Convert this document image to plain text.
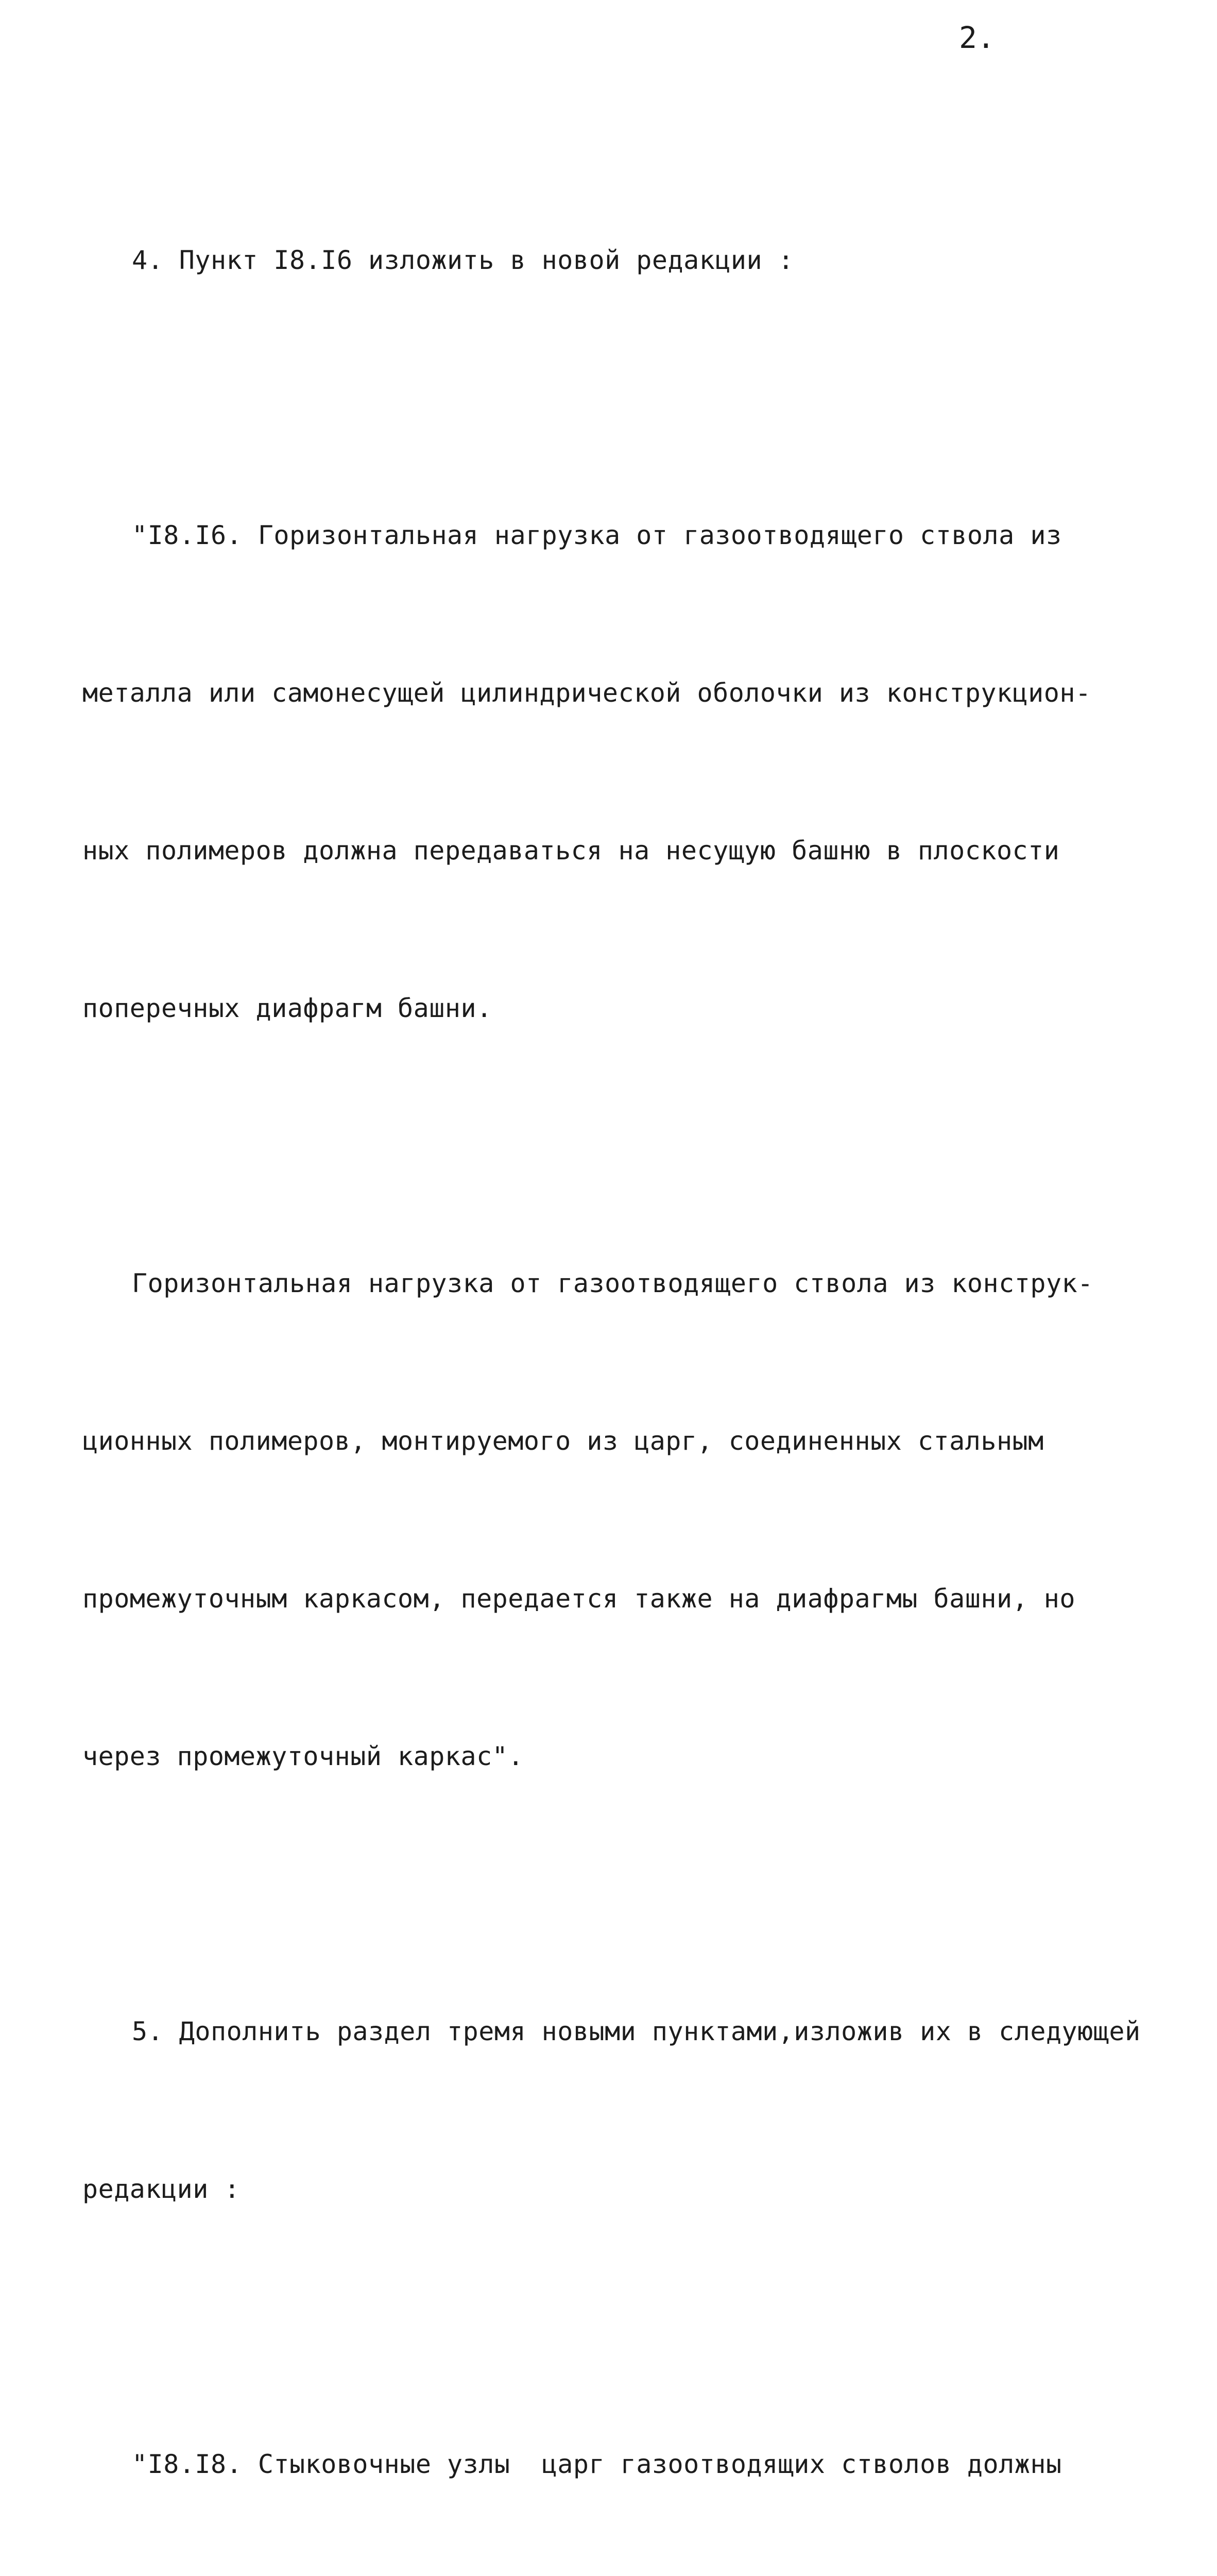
2.

4. Пункт I8.I6 изложить в новой редакции :

"I8.I6. Горизонтальная нагрузка от газоотводящего ствола из

металла или самонесущей цилиндрической оболочки из конструкцион-

ных полимеров должна передаваться на несущую башню в плоскости

поперечных диафрагм башни.

Горизонтальная нагрузка от газоотводящего ствола из конструк-

ционных полимеров, монтируемого из царг, соединенных стальным

промежуточным каркасом, передается также на диафрагмы башни, но

через промежуточный каркас".

5. Дополнить раздел тремя новыми пунктами,изложив их в следующей

редакции :

"I8.I8. Стыковочные узлы  царг газоотводящих стволов должны
